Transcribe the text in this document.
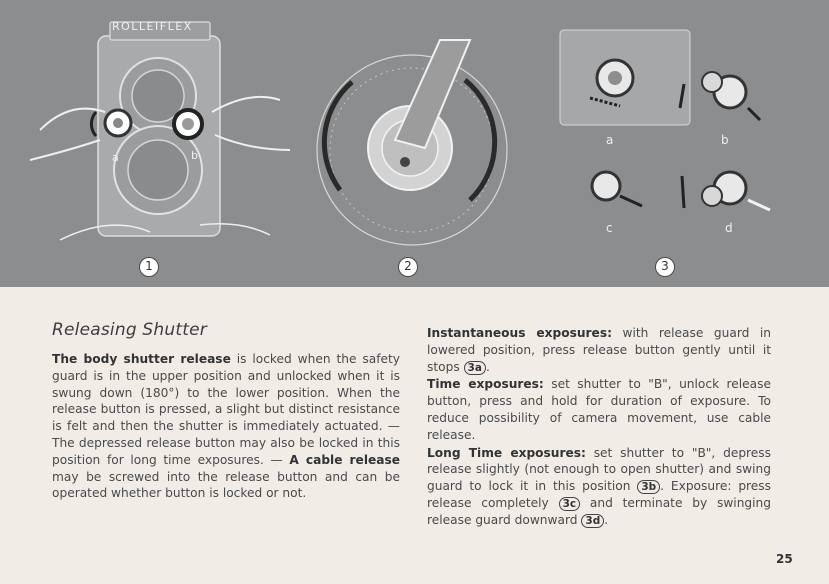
ROLLEIFLEX
a	b
a	b
c	d
1	2	3
Releasing Shutter

The body shutter release is locked when the safety guard is in the upper position and unlocked when it is swung down (180°) to the lower position. When the release button is pressed, a slight but distinct resistance is felt and then the shutter is immediately actuated. — The depressed release button may also be locked in this position for long time exposures. — A cable release may be screwed into the release button and can be operated whether button is locked or not.

Instantaneous exposures: with release guard in lowered position, press release button gently until it stops 3a .

Time exposures: set shutter to "B", unlock release button, press and hold for duration of exposure. To reduce possibility of camera movement, use cable release.

Long Time exposures: set shutter to "B", depress release slightly (not enough to open shutter) and swing guard to lock it in this position 3b . Exposure: press release completely 3c and terminate by swinging release guard downward 3d .

25
